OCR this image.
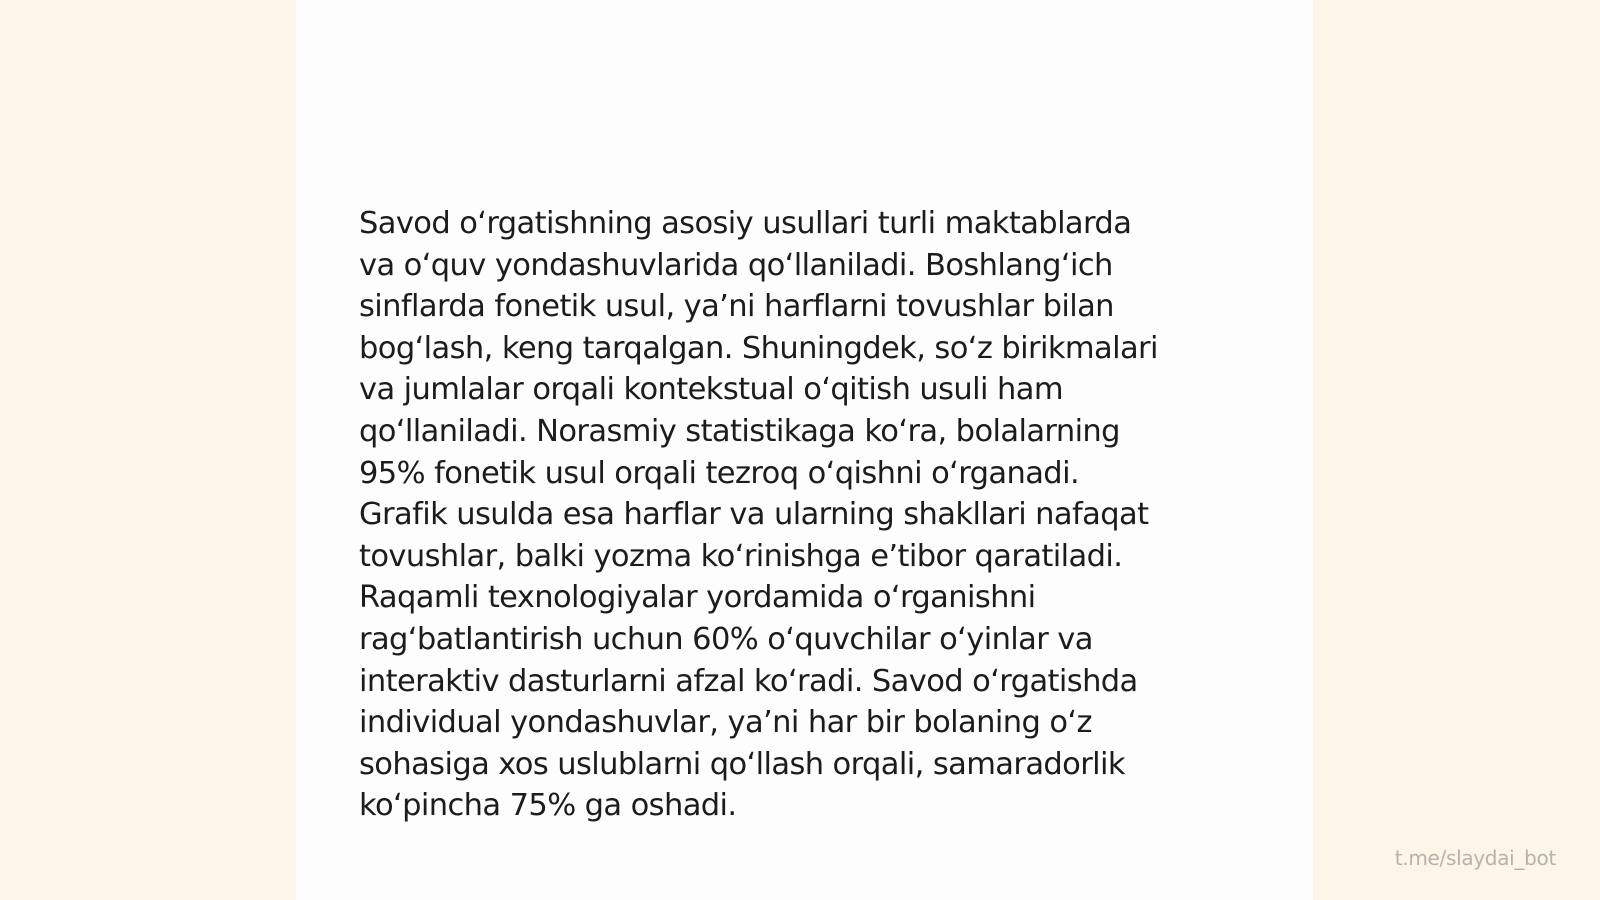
Savod o‘rgatishning asosiy usullari turli maktablarda
va o‘quv yondashuvlarida qo‘llaniladi. Boshlang‘ich
sinflarda fonetik usul, ya’ni harflarni tovushlar bilan
bog‘lash, keng tarqalgan. Shuningdek, so‘z birikmalari
va jumlalar orqali kontekstual o‘qitish usuli ham
qo‘llaniladi. Norasmiy statistikaga ko‘ra, bolalarning
95% fonetik usul orqali tezroq o‘qishni o‘rganadi.
Grafik usulda esa harflar va ularning shakllari nafaqat
tovushlar, balki yozma ko‘rinishga e’tibor qaratiladi.
Raqamli texnologiyalar yordamida o‘rganishni
rag‘batlantirish uchun 60% o‘quvchilar o‘yinlar va
interaktiv dasturlarni afzal ko‘radi. Savod o‘rgatishda
individual yondashuvlar, ya’ni har bir bolaning o‘z
sohasiga xos uslublarni qo‘llash orqali, samaradorlik
ko‘pincha 75% ga oshadi.

t.me/slaydai_bot
